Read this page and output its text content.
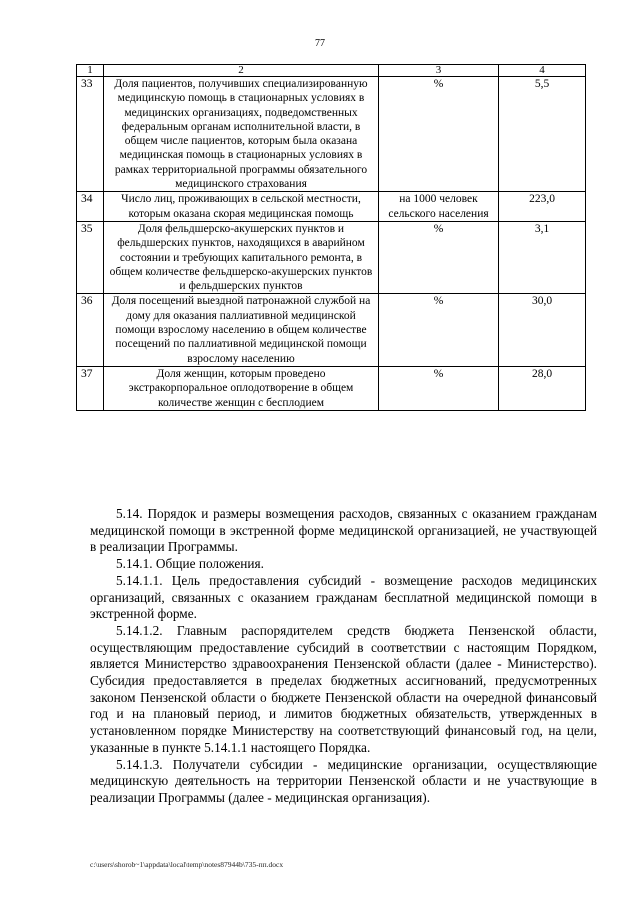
77
1	2	3	4
33	Доля пациентов, получивших специализированную медицинскую помощь в стационарных условиях в медицинских организациях, подведомственных федеральным органам исполнительной власти, в общем числе пациентов, которым была оказана медицинская помощь в стационарных условиях в рамках территориальной программы обязательного медицинского страхования	%	5,5
34	Число лиц, проживающих в сельской местности, которым оказана скорая медицинская помощь	на 1000 человек сельского населения	223,0
35	Доля фельдшерско-акушерских пунктов и фельдшерских пунктов, находящихся в аварийном состоянии и требующих капитального ремонта, в общем количестве фельдшерско-акушерских пунктов и фельдшерских пунктов	%	3,1
36	Доля посещений выездной патронажной службой на дому для оказания паллиативной медицинской помощи взрослому населению в общем количестве посещений по паллиативной медицинской помощи взрослому населению	%	30,0
37	Доля женщин, которым проведено экстракорпоральное оплодотворение в общем количестве женщин с бесплодием	%	28,0

5.14. Порядок и размеры возмещения расходов, связанных с оказанием гражданам медицинской помощи в экстренной форме медицинской организацией, не участвующей в реализации Программы.

5.14.1. Общие положения.

5.14.1.1. Цель предоставления субсидий - возмещение расходов медицинских организаций, связанных с оказанием гражданам бесплатной медицинской помощи в экстренной форме.

5.14.1.2. Главным распорядителем средств бюджета Пензенской области, осуществляющим предоставление субсидий в соответствии с настоящим Порядком, является Министерство здравоохранения Пензенской области (далее - Министерство). Субсидия предоставляется в пределах бюджетных ассигнований, предусмотренных законом Пензенской области о бюджете Пензенской области на очередной финансовый год и на плановый период, и лимитов бюджетных обязательств, утвержденных в установленном порядке Министерству на соответствующий финансовый год, на цели, указанные в пункте 5.14.1.1 настоящего Порядка.

5.14.1.3. Получатели субсидии - медицинские организации, осуществляющие медицинскую деятельность на территории Пензенской области и не участвующие в реализации Программы (далее - медицинская организация).

c:\users\shorob~1\appdata\local\temp\notes87944b\735-пп.docx
